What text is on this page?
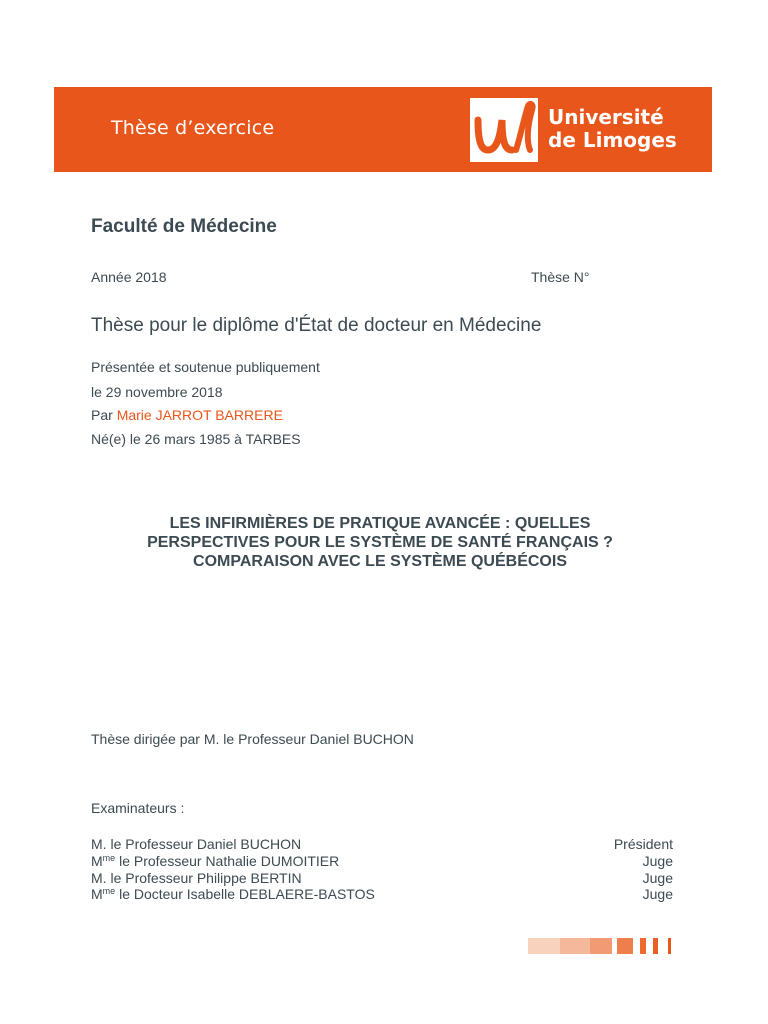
Thèse d’exercice	Université
de Limoges
Faculté de Médecine
Année 2018	Thèse N°
Thèse pour le diplôme d'État de docteur en Médecine
Présentée et soutenue publiquement
le 29 novembre 2018
Par Marie JARROT BARRERE
Né(e) le 26 mars 1985 à TARBES
LES INFIRMIÈRES DE PRATIQUE AVANCÉE : QUELLES
PERSPECTIVES POUR LE SYSTÈME DE SANTÉ FRANÇAIS ?
COMPARAISON AVEC LE SYSTÈME QUÉBÉCOIS
Thèse dirigée par M. le Professeur Daniel BUCHON
Examinateurs :
M. le Professeur Daniel BUCHON	Président
$M^{me}$ le Professeur Nathalie DUMOITIER	Juge
M. le Professeur Philippe BERTIN	Juge
$M^{me}$ le Docteur Isabelle DEBLAERE-BASTOS	Juge
